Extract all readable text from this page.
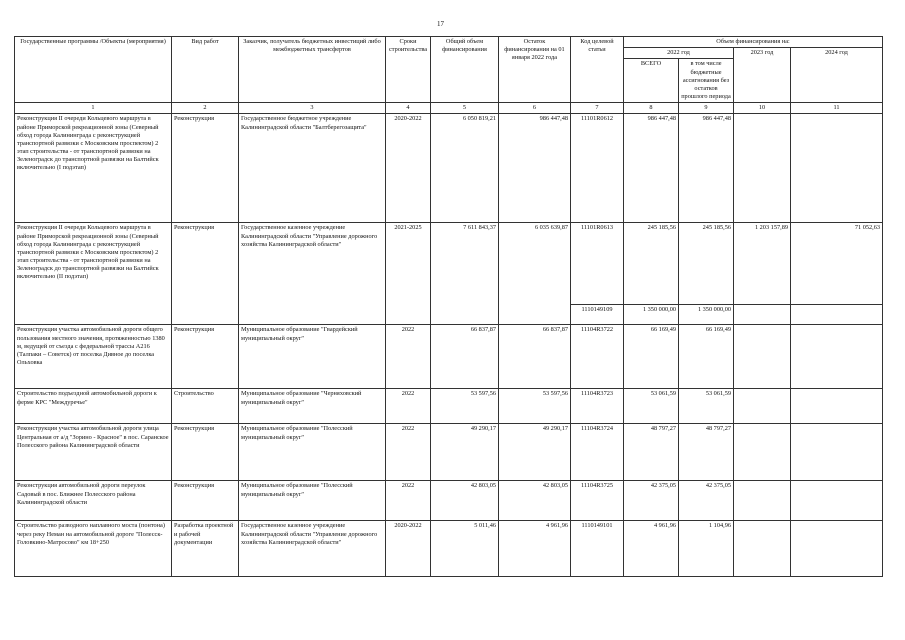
17
Государственные программы /Объекты (мероприятия)	Вид работ	Заказчик, получатель бюджетных инвестиций либо межбюджетных трансфертов	Сроки строительства	Общий объем финансирования	Остаток финансирования на 01 января 2022 года	Код целевой статьи	Объем финансирования на:			
							2022 год		2023 год	2024 год
							ВСЕГО	в том числе бюджетные ассигнования без остатков прошлого периода		
1	2	3	4	5	6	7	8	9	10	11
Реконструкция II очереди Кольцевого маршрута в районе Приморской рекреационной зоны (Северный обход города Калининграда с реконструкцией транспортной развязки с Московским проспектом) 2 этап строительства - от транспортной развязки на Зеленоградск до транспортной развязки на Балтийск включительно (I подэтап)	Реконструкция	Государственное бюджетное учреждение Калининградской области "Балтберегозащита"	2020-2022	6 050 819,21	986 447,48	11101R0612	986 447,48	986 447,48		
Реконструкция II очереди Кольцевого маршрута в районе Приморской рекреационной зоны (Северный обход города Калининграда с реконструкцией транспортной развязки с Московским проспектом) 2 этап строительства - от транспортной развязки на Зеленоградск до транспортной развязки на Балтийск включительно (II подэтап)	Реконструкция	Государственное казенное учреждение Калининградской области "Управление дорожного хозяйства Калининградской области"	2021-2025	7 611 843,37	6 035 639,87	11101R0613	245 185,56	245 185,56	1 203 157,89	71 052,63
						1110149109	1 350 000,00	1 350 000,00		
Реконструкция участка автомобильной дороги общего пользования местного значения, протяженностью 1380 м, ведущей от съезда с федеральной трассы А216 (Талпаки – Советск) от поселка Дивное до поселка Ольховка	Реконструкция	Муниципальное образование "Гвардейский муниципальный округ"	2022	66 837,87	66 837,87	11104R3722	66 169,49	66 169,49		
Строительство подъездной автомобильной дороги к ферме КРС "Междуречье"	Строительство	Муниципальное образование "Черняховский муниципальный округ"	2022	53 597,56	53 597,56	11104R3723	53 061,59	53 061,59		
Реконструкция участка автомобильной дороги улица Центральная от а/д "Зорино - Красное" в пос. Саранское Полесского района Калининградской области	Реконструкция	Муниципальное образование "Полесский муниципальный округ"	2022	49 290,17	49 290,17	11104R3724	48 797,27	48 797,27		
Реконструкция автомобильной дороги переулок Садовый в пос. Ближнее Полесского района Калининградской области	Реконструкция	Муниципальное образование "Полесский муниципальный округ"	2022	42 803,05	42 803,05	11104R3725	42 375,05	42 375,05		
Строительство разводного наплавного моста (понтона) через реку Неман на автомобильной дороге "Полесск-Головкино-Матросово" км 18+250	Разработка проектной и рабочей документации	Государственное казенное учреждение Калининградской области "Управление дорожного хозяйства Калининградской области"	2020-2022	5 011,46	4 961,96	1110149101	4 961,96	1 104,96		
